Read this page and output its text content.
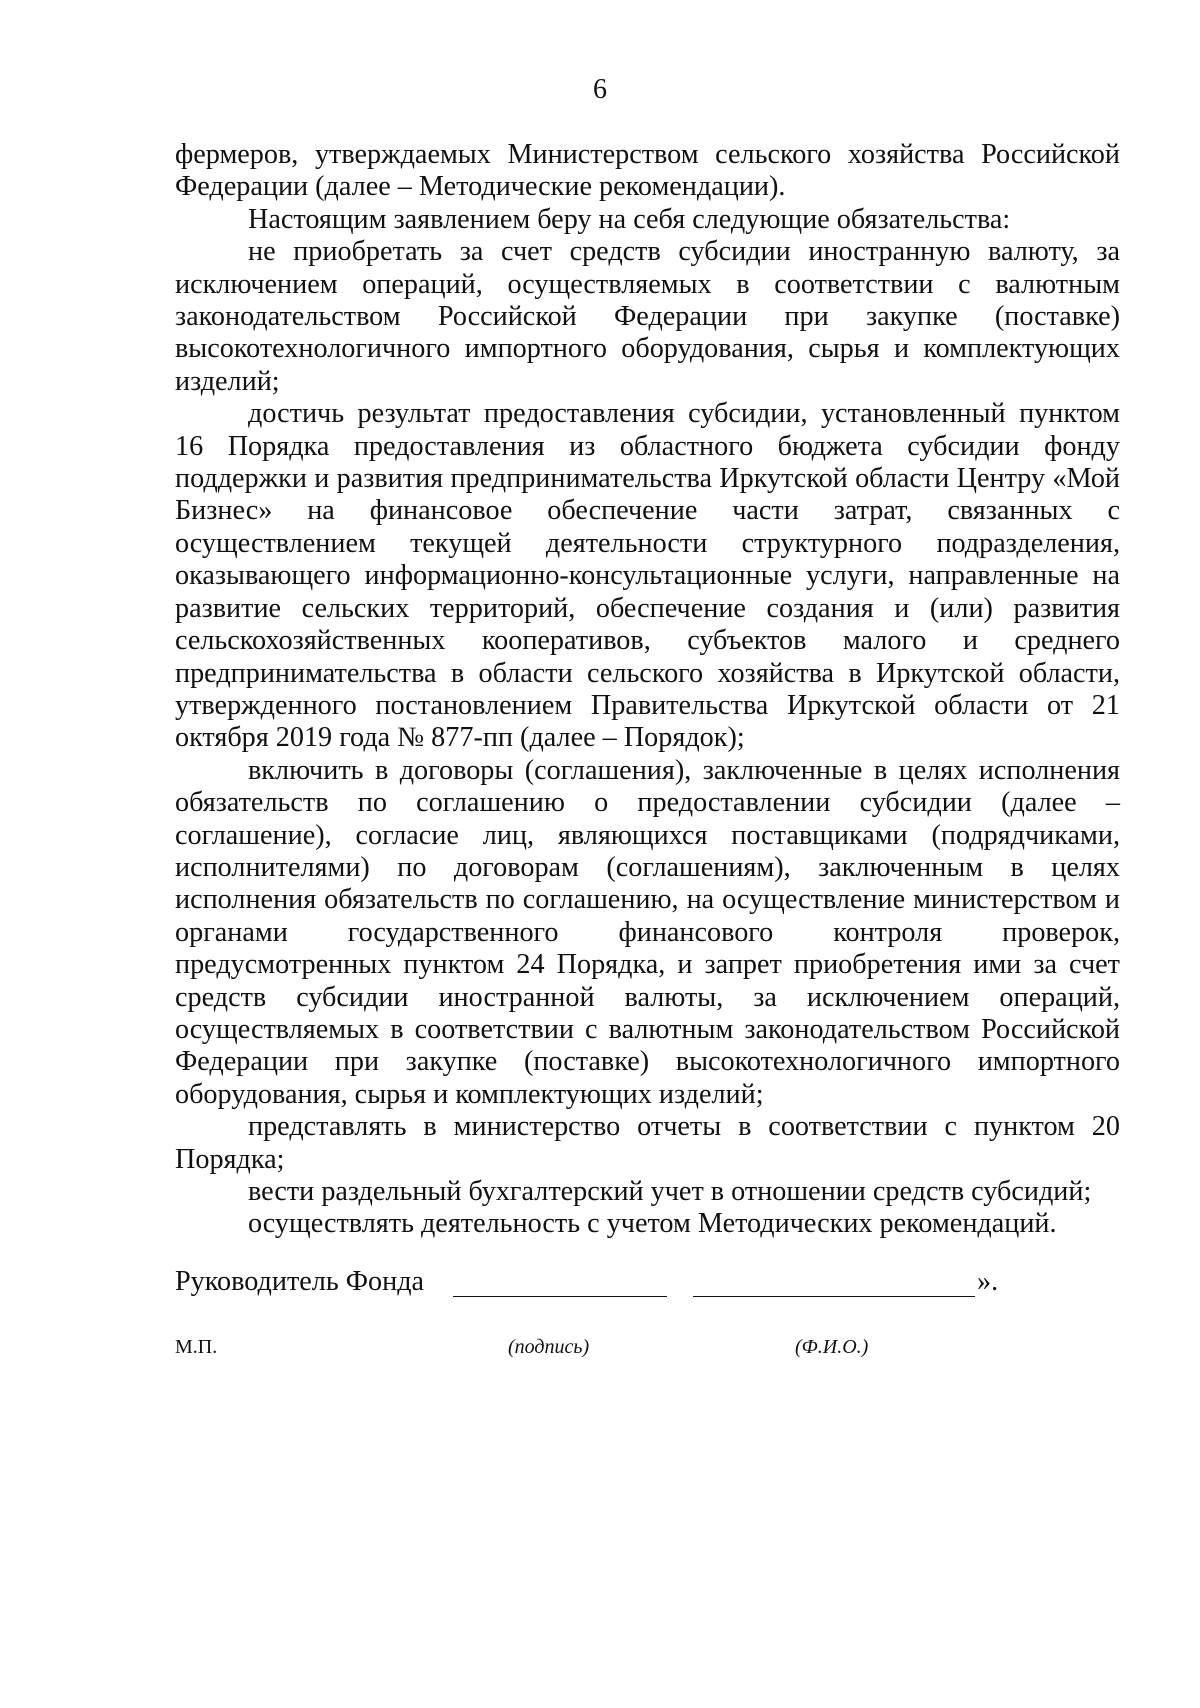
6

фермеров, утверждаемых Министерством сельского хозяйства Российской Федерации (далее – Методические рекомендации).

Настоящим заявлением беру на себя следующие обязательства:

не приобретать за счет средств субсидии иностранную валюту, за исключением операций, осуществляемых в соответствии с валютным законодательством Российской Федерации при закупке (поставке) высокотехнологичного импортного оборудования, сырья и комплектующих изделий;

достичь результат предоставления субсидии, установленный пунктом 16 Порядка предоставления из областного бюджета субсидии фонду поддержки и развития предпринимательства Иркутской области Центру «Мой Бизнес» на финансовое обеспечение части затрат, связанных с осуществлением текущей деятельности структурного подразделения, оказывающего информационно-консультационные услуги, направленные на развитие сельских территорий, обеспечение создания и (или) развития сельскохозяйственных кооперативов, субъектов малого и среднего предпринимательства в области сельского хозяйства в Иркутской области, утвержденного постановлением Правительства Иркутской области от 21 октября 2019 года № 877-пп (далее – Порядок);

включить в договоры (соглашения), заключенные в целях исполнения обязательств по соглашению о предоставлении субсидии (далее – соглашение), согласие лиц, являющихся поставщиками (подрядчиками, исполнителями) по договорам (соглашениям), заключенным в целях исполнения обязательств по соглашению, на осуществление министерством и органами государственного финансового контроля проверок, предусмотренных пунктом 24 Порядка, и запрет приобретения ими за счет средств субсидии иностранной валюты, за исключением операций, осуществляемых в соответствии с валютным законодательством Российской Федерации при закупке (поставке) высокотехнологичного импортного оборудования, сырья и комплектующих изделий;

представлять в министерство отчеты в соответствии с пунктом 20 Порядка;

вести раздельный бухгалтерский учет в отношении средств субсидий;

осуществлять деятельность с учетом Методических рекомендаций.

Руководитель Фонда	».
М.П.	(подпись)	(Ф.И.О.)
